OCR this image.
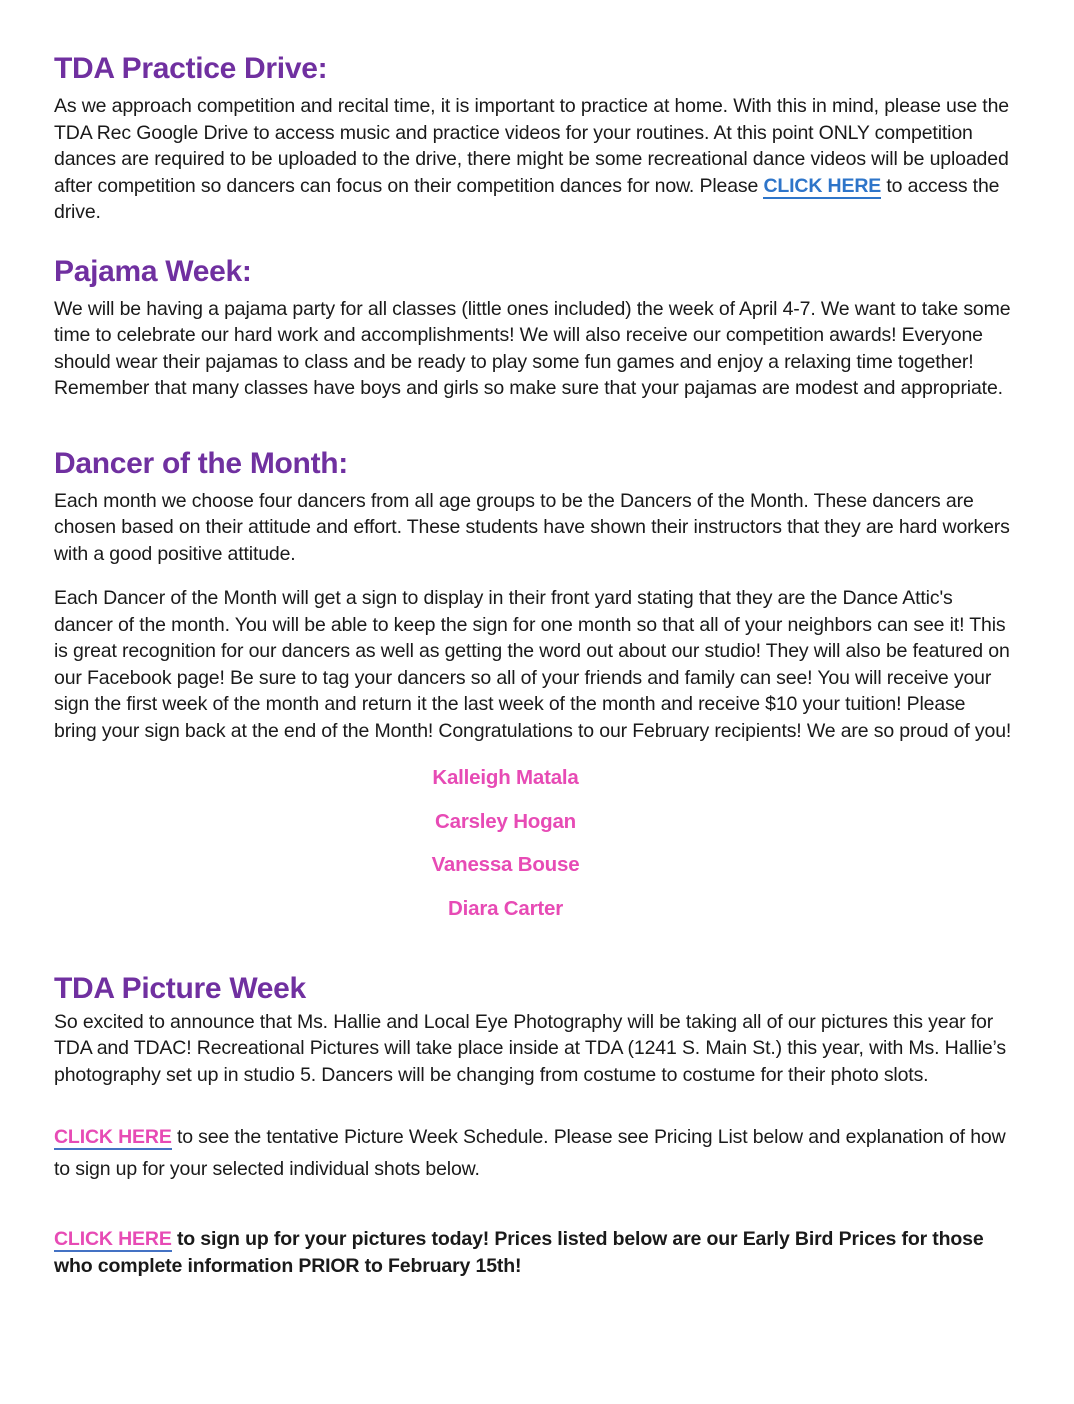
TDA Practice Drive:

As we approach competition and recital time, it is important to practice at home. With this in mind, please use the TDA Rec Google Drive to access music and practice videos for your routines. At this point ONLY competition dances are required to be uploaded to the drive, there might be some recreational dance videos will be uploaded after competition so dancers can focus on their competition dances for now. Please CLICK HERE to access the drive.

Pajama Week:

We will be having a pajama party for all classes (little ones included) the week of April 4-7. We want to take some time to celebrate our hard work and accomplishments! We will also receive our competition awards! Everyone should wear their pajamas to class and be ready to play some fun games and enjoy a relaxing time together! Remember that many classes have boys and girls so make sure that your pajamas are modest and appropriate.

Dancer of the Month:

Each month we choose four dancers from all age groups to be the Dancers of the Month. These dancers are chosen based on their attitude and effort. These students have shown their instructors that they are hard workers with a good positive attitude.

Each Dancer of the Month will get a sign to display in their front yard stating that they are the Dance Attic's dancer of the month. You will be able to keep the sign for one month so that all of your neighbors can see it! This is great recognition for our dancers as well as getting the word out about our studio! They will also be featured on our Facebook page! Be sure to tag your dancers so all of your friends and family can see! You will receive your sign the first week of the month and return it the last week of the month and receive $10 your tuition! Please bring your sign back at the end of the Month! Congratulations to our February recipients! We are so proud of you!

Kalleigh Matala
Carsley Hogan
Vanessa Bouse
Diara Carter
TDA Picture Week

So excited to announce that Ms. Hallie and Local Eye Photography will be taking all of our pictures this year for TDA and TDAC! Recreational Pictures will take place inside at TDA (1241 S. Main St.) this year, with Ms. Hallie’s photography set up in studio 5. Dancers will be changing from costume to costume for their photo slots.

CLICK HERE to see the tentative Picture Week Schedule. Please see Pricing List below and explanation of how to sign up for your selected individual shots below.

CLICK HERE to sign up for your pictures today! Prices listed below are our Early Bird Prices for those who complete information PRIOR to February 15th!
